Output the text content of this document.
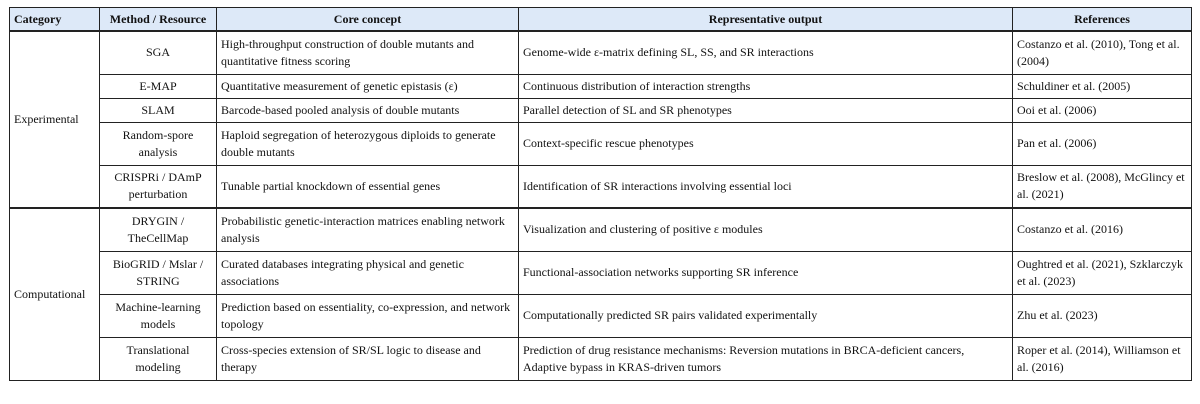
Category	Method / Resource	Core concept	Representative output	References
Experimental	SGA	High-throughput construction of double mutants and quantitative fitness scoring	Genome-wide ε-matrix defining SL, SS, and SR interactions	Costanzo et al. (2010), Tong et al. (2004)
	E-MAP	Quantitative measurement of genetic epistasis (ε)	Continuous distribution of interaction strengths	Schuldiner et al. (2005)
	SLAM	Barcode-based pooled analysis of double mutants	Parallel detection of SL and SR phenotypes	Ooi et al. (2006)
	Random-spore analysis	Haploid segregation of heterozygous diploids to generate double mutants	Context-specific rescue phenotypes	Pan et al. (2006)
	CRISPRi / DAmP perturbation	Tunable partial knockdown of essential genes	Identification of SR interactions involving essential loci	Breslow et al. (2008), McGlincy et al. (2021)
Computational	DRYGIN / TheCellMap	Probabilistic genetic-interaction matrices enabling network analysis	Visualization and clustering of positive ε modules	Costanzo et al. (2016)
	BioGRID / Mslar / STRING	Curated databases integrating physical and genetic associations	Functional-association networks supporting SR inference	Oughtred et al. (2021), Szklarczyk et al. (2023)
	Machine-learning models	Prediction based on essentiality, co-expression, and network topology	Computationally predicted SR pairs validated experimentally	Zhu et al. (2023)
	Translational modeling	Cross-species extension of SR/SL logic to disease and therapy	Prediction of drug resistance mechanisms: Reversion mutations in BRCA-deficient cancers, Adaptive bypass in KRAS-driven tumors	Roper et al. (2014), Williamson et al. (2016)
